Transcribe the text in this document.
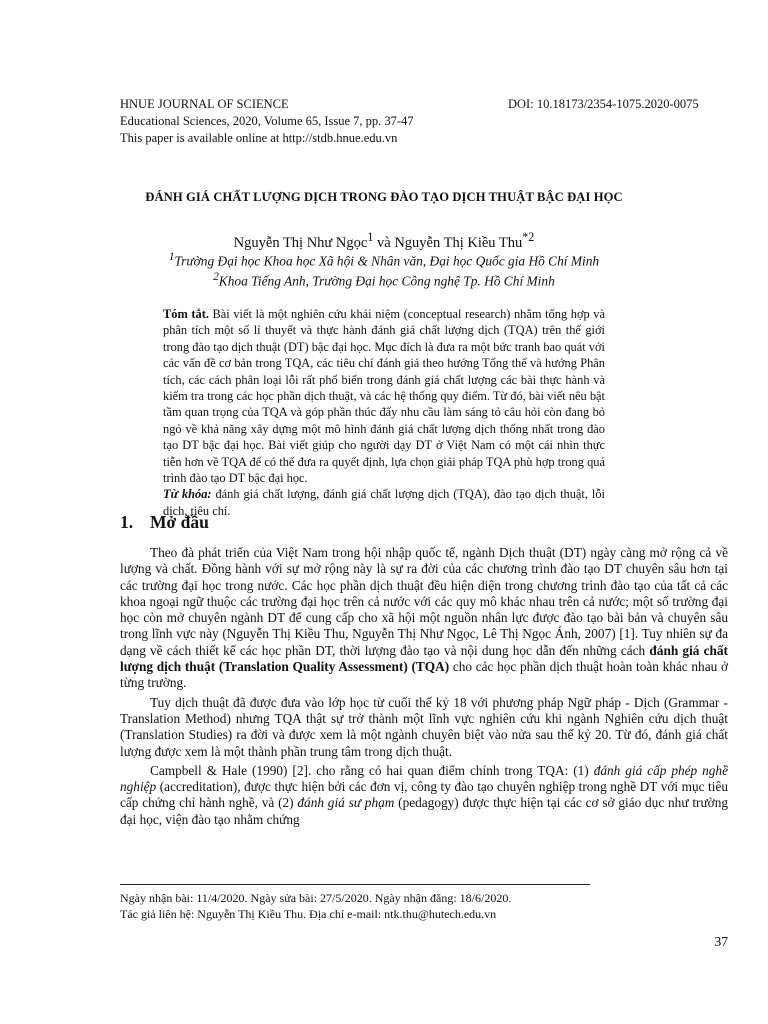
HNUE JOURNAL OF SCIENCE
Educational Sciences, 2020, Volume 65, Issue 7, pp. 37-47
This paper is available online at http://stdb.hnue.edu.vn
DOI: 10.18173/2354-1075.2020-0075
ĐÁNH GIÁ CHẤT LƯỢNG DỊCH TRONG ĐÀO TẠO DỊCH THUẬT BẬC ĐẠI HỌC
Nguyễn Thị Như Ngọc$^1$ và Nguyễn Thị Kiều Thu$^{*2}$
$^1$Trường Đại học Khoa học Xã hội & Nhân văn, Đại học Quốc gia Hồ Chí Minh
$^2$Khoa Tiếng Anh, Trường Đại học Công nghệ Tp. Hồ Chí Minh

Tóm tắt. Bài viết là một nghiên cứu khái niệm (conceptual research) nhằm tổng hợp và phân tích một số lí thuyết và thực hành đánh giá chất lượng dịch (TQA) trên thế giới trong đào tạo dịch thuật (DT) bậc đại học. Mục đích là đưa ra một bức tranh bao quát với các vấn đề cơ bản trong TQA, các tiêu chí đánh giá theo hướng Tổng thể và hướng Phân tích, các cách phân loại lỗi rất phổ biến trong đánh giá chất lượng các bài thực hành và kiểm tra trong các học phần dịch thuật, và các hệ thống quy điểm. Từ đó, bài viết nêu bật tầm quan trọng của TQA và góp phần thúc đẩy nhu cầu làm sáng tỏ câu hỏi còn đang bỏ ngỏ về khả năng xây dựng một mô hình đánh giá chất lượng dịch thống nhất trong đào tạo DT bậc đại học. Bài viết giúp cho người dạy DT ở Việt Nam có một cái nhìn thực tiễn hơn về TQA để có thể đưa ra quyết định, lựa chọn giải pháp TQA phù hợp trong quá trình đào tạo DT bậc đại học.

Từ khóa: đánh giá chất lượng, đánh giá chất lượng dịch (TQA), đào tạo dịch thuật, lỗi dịch, tiêu chí.

1. Mở đầu

Theo đà phát triển của Việt Nam trong hội nhập quốc tế, ngành Dịch thuật (DT) ngày càng mở rộng cả về lượng và chất. Đồng hành với sự mở rộng này là sự ra đời của các chương trình đào tạo DT chuyên sâu hơn tại các trường đại học trong nước. Các học phần dịch thuật đều hiện diện trong chương trình đào tạo của tất cả các khoa ngoại ngữ thuộc các trường đại học trên cả nước với các quy mô khác nhau trên cả nước; một số trường đại học còn mở chuyên ngành DT để cung cấp cho xã hội một nguồn nhân lực được đào tạo bài bản và chuyên sâu trong lĩnh vực này (Nguyễn Thị Kiều Thu, Nguyễn Thị Như Ngọc, Lê Thị Ngọc Ánh, 2007) [1]. Tuy nhiên sự đa dạng về cách thiết kế các học phần DT, thời lượng đào tạo và nội dung học dẫn đến những cách đánh giá chất lượng dịch thuật (Translation Quality Assessment) (TQA) cho các học phần dịch thuật hoàn toàn khác nhau ở từng trường.

Tuy dịch thuật đã được đưa vào lớp học từ cuối thế kỷ 18 với phương pháp Ngữ pháp - Dịch (Grammar - Translation Method) nhưng TQA thật sự trở thành một lĩnh vực nghiên cứu khi ngành Nghiên cứu dịch thuật (Translation Studies) ra đời và được xem là một ngành chuyên biệt vào nửa sau thế kỷ 20. Từ đó, đánh giá chất lượng được xem là một thành phần trung tâm trong dịch thuật.

Campbell & Hale (1990) [2]. cho rằng có hai quan điểm chính trong TQA: (1) đánh giá cấp phép nghề nghiệp (accreditation), được thực hiện bởi các đơn vị, công ty đào tạo chuyên nghiệp trong nghề DT với mục tiêu cấp chứng chỉ hành nghề, và (2) đánh giá sư phạm (pedagogy) được thực hiện tại các cơ sở giáo dục như trường đại học, viện đào tạo nhằm chứng

Ngày nhận bài: 11/4/2020. Ngày sửa bài: 27/5/2020. Ngày nhận đăng: 18/6/2020.
Tác giả liên hệ: Nguyễn Thị Kiều Thu. Địa chỉ e-mail: ntk.thu@hutech.edu.vn
37
